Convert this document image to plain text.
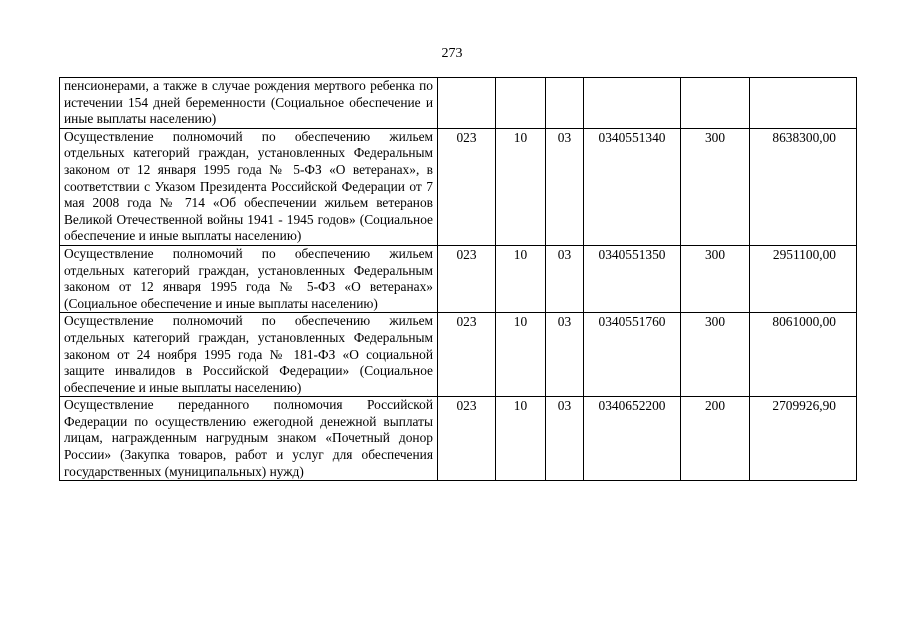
273
пенсионерами, а также в случае рождения мертвого ребенка по истечении 154 дней беременности (Социальное обеспечение и иные выплаты населению)						
Осуществление полномочий по обеспечению жильем отдельных категорий граждан, установленных Федеральным законом от 12 января 1995 года № 5-ФЗ «О ветеранах», в соответствии с Указом Президента Российской Федерации от 7 мая 2008 года № 714 «Об обеспечении жильем ветеранов Великой Отечественной войны 1941 - 1945 годов» (Социальное обеспечение и иные выплаты населению)	023	10	03	0340551340	300	8638300,00
Осуществление полномочий по обеспечению жильем отдельных категорий граждан, установленных Федеральным законом от 12 января 1995 года № 5-ФЗ «О ветеранах» (Социальное обеспечение и иные выплаты населению)	023	10	03	0340551350	300	2951100,00
Осуществление полномочий по обеспечению жильем отдельных категорий граждан, установленных Федеральным законом от 24 ноября 1995 года № 181-ФЗ «О социальной защите инвалидов в Российской Федерации» (Социальное обеспечение и иные выплаты населению)	023	10	03	0340551760	300	8061000,00
Осуществление переданного полномочия Российской Федерации по осуществлению ежегодной денежной выплаты лицам, награжденным нагрудным знаком «Почетный донор России» (Закупка товаров, работ и услуг для обеспечения государственных (муниципальных) нужд)	023	10	03	0340652200	200	2709926,90
